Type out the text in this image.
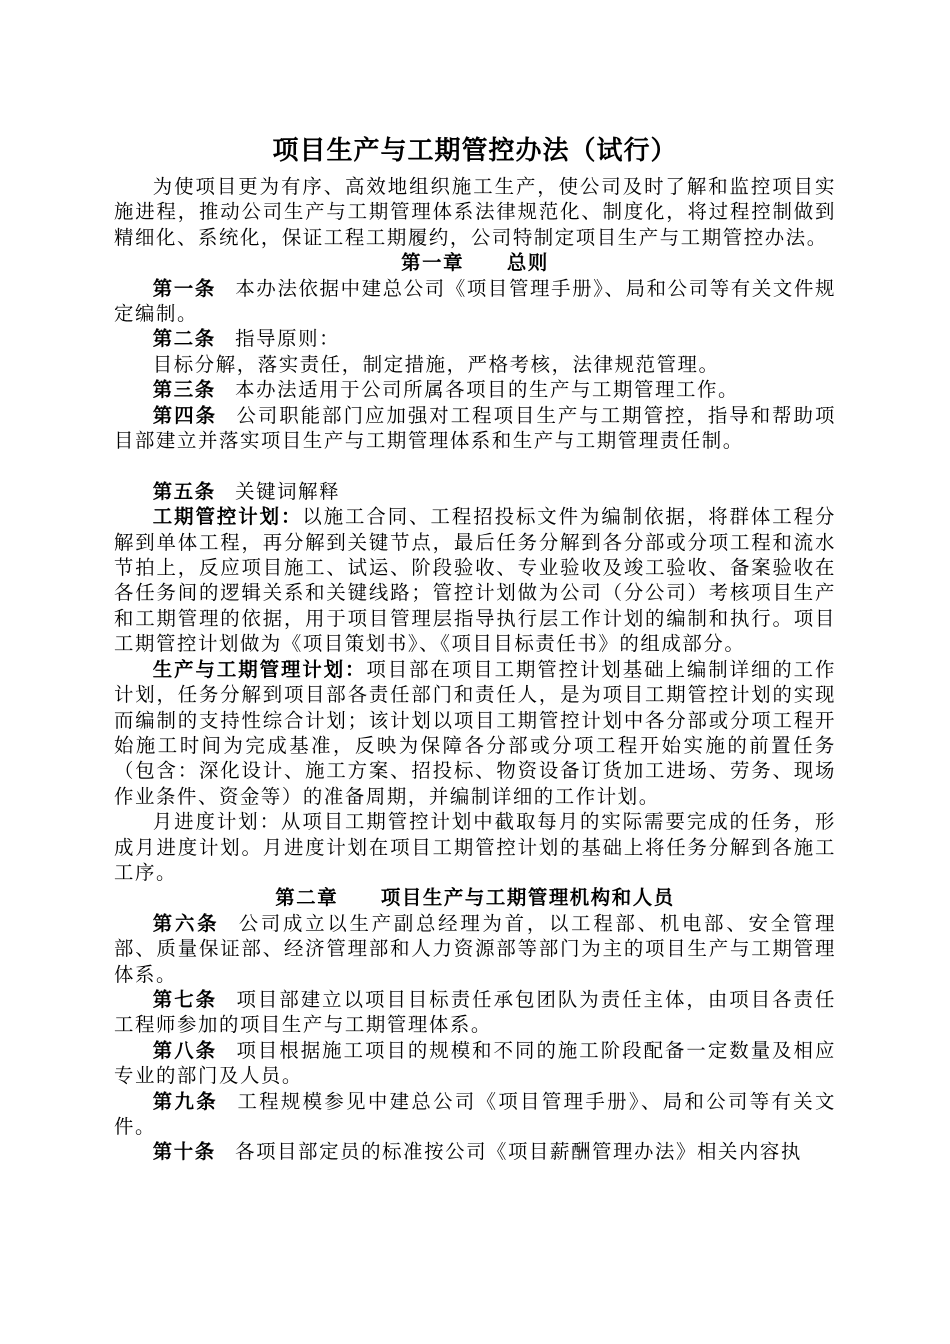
项目生产与工期管控办法（试行）

为使项目更为有序、高效地组织施工生产，使公司及时了解和监控项目实施进程，推动公司生产与工期管理体系法律规范化、制度化，将过程控制做到精细化、系统化，保证工程工期履约，公司特制定项目生产与工期管控办法。

第一章 总则

第一条 本办法依据中建总公司《项目管理手册》、局和公司等有关文件规定编制。

第二条 指导原则：

目标分解，落实责任，制定措施，严格考核，法律规范管理。

第三条 本办法适用于公司所属各项目的生产与工期管理工作。

第四条 公司职能部门应加强对工程项目生产与工期管控，指导和帮助项目部建立并落实项目生产与工期管理体系和生产与工期管理责任制。

第五条 关键词解释

工期管控计划：以施工合同、工程招投标文件为编制依据，将群体工程分解到单体工程，再分解到关键节点，最后任务分解到各分部或分项工程和流水节拍上，反应项目施工、试运、阶段验收、专业验收及竣工验收、备案验收在各任务间的逻辑关系和关键线路；管控计划做为公司（分公司）考核项目生产和工期管理的依据，用于项目管理层指导执行层工作计划的编制和执行。项目工期管控计划做为《项目策划书》、《项目目标责任书》的组成部分。

生产与工期管理计划：项目部在项目工期管控计划基础上编制详细的工作计划，任务分解到项目部各责任部门和责任人，是为项目工期管控计划的实现而编制的支持性综合计划；该计划以项目工期管控计划中各分部或分项工程开始施工时间为完成基准，反映为保障各分部或分项工程开始实施的前置任务（包含：深化设计、施工方案、招投标、物资设备订货加工进场、劳务、现场作业条件、资金等）的准备周期，并编制详细的工作计划。

月进度计划：从项目工期管控计划中截取每月的实际需要完成的任务，形成月进度计划。月进度计划在项目工期管控计划的基础上将任务分解到各施工工序。

第二章 项目生产与工期管理机构和人员

第六条 公司成立以生产副总经理为首，以工程部、机电部、安全管理部、质量保证部、经济管理部和人力资源部等部门为主的项目生产与工期管理体系。

第七条 项目部建立以项目目标责任承包团队为责任主体，由项目各责任工程师参加的项目生产与工期管理体系。

第八条 项目根据施工项目的规模和不同的施工阶段配备一定数量及相应专业的部门及人员。

第九条 工程规模参见中建总公司《项目管理手册》、局和公司等有关文件。

第十条 各项目部定员的标准按公司《项目薪酬管理办法》相关内容执
